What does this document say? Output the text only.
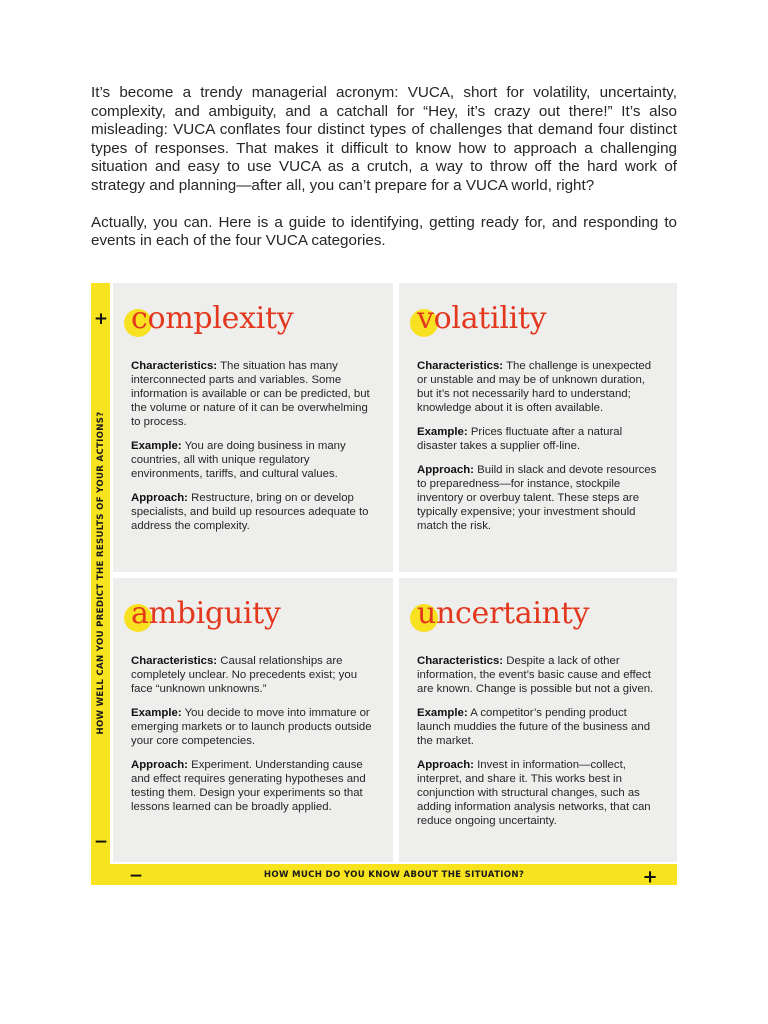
It’s become a trendy managerial acronym: VUCA, short for volatility, uncertainty, complexity, and ambiguity, and a catchall for “Hey, it’s crazy out there!” It’s also misleading: VUCA conflates four distinct types of challenges that demand four distinct types of responses. That makes it difficult to know how to approach a challenging situation and easy to use VUCA as a crutch, a way to throw off the hard work of strategy and planning—after all, you can’t prepare for a VUCA world, right?

Actually, you can. Here is a guide to identifying, getting ready for, and responding to events in each of the four VUCA categories.

HOW WELL CAN YOU PREDICT THE RESULTS OF YOUR ACTIONS?
HOW MUCH DO YOU KNOW ABOUT THE SITUATION?
+
−
−	+
complexity

Characteristics: The situation has many interconnected parts and variables. Some information is available or can be predicted, but the volume or nature of it can be overwhelming to process.

Example: You are doing business in many countries, all with unique regulatory environments, tariffs, and cultural values.

Approach: Restructure, bring on or develop specialists, and build up resources adequate to address the complexity.

volatility

Characteristics: The challenge is unexpected or unstable and may be of unknown duration, but it’s not necessarily hard to understand; knowledge about it is often available.

Example: Prices fluctuate after a natural disaster takes a supplier off-line.

Approach: Build in slack and devote resources to preparedness—for instance, stockpile inventory or overbuy talent. These steps are typically expensive; your investment should match the risk.

ambiguity

Characteristics: Causal relationships are completely unclear. No precedents exist; you face “unknown unknowns.”

Example: You decide to move into immature or emerging markets or to launch products outside your core competencies.

Approach: Experiment. Understanding cause and effect requires generating hypotheses and testing them. Design your experiments so that lessons learned can be broadly applied.

uncertainty

Characteristics: Despite a lack of other information, the event’s basic cause and effect are known. Change is possible but not a given.

Example: A competitor’s pending product launch muddies the future of the business and the market.

Approach: Invest in information—collect, interpret, and share it. This works best in conjunction with structural changes, such as adding information analysis networks, that can reduce ongoing uncertainty.
